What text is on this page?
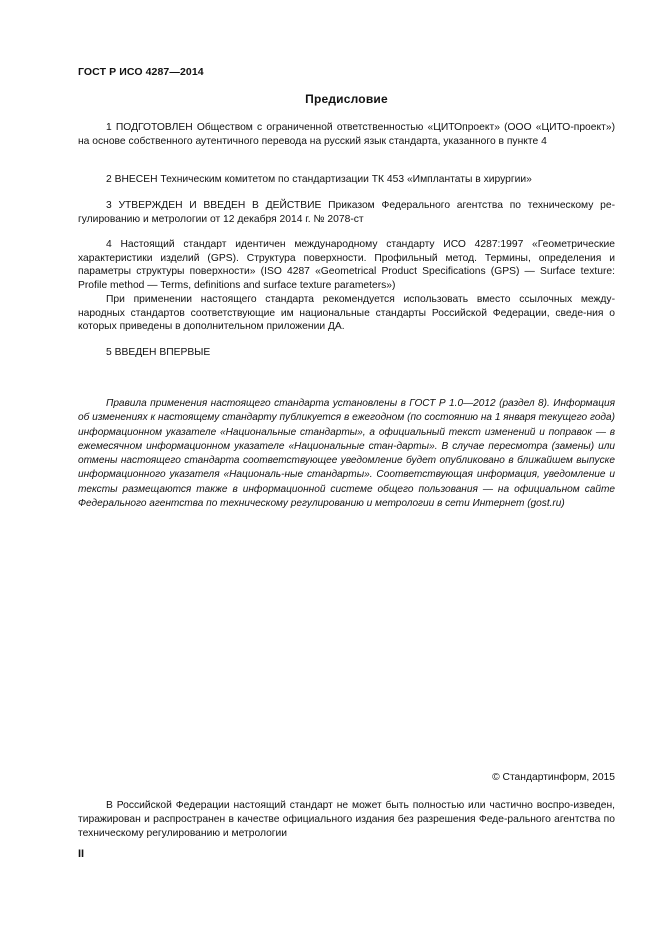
ГОСТ Р ИСО 4287—2014
Предисловие

1 ПОДГОТОВЛЕН Обществом с ограниченной ответственностью «ЦИТОпроект» (ООО «ЦИТО-проект») на основе собственного аутентичного перевода на русский язык стандарта, указанного в пункте 4

2 ВНЕСЕН Техническим комитетом по стандартизации ТК 453 «Имплантаты в хирургии»

3 УТВЕРЖДЕН И ВВЕДЕН В ДЕЙСТВИЕ Приказом Федерального агентства по техническому ре-гулированию и метрологии от 12 декабря 2014 г. № 2078-ст

4 Настоящий стандарт идентичен международному стандарту ИСО 4287:1997 «Геометрические характеристики изделий (GPS). Структура поверхности. Профильный метод. Термины, определения и параметры структуры поверхности» (ISO 4287 «Geometrical Product Specifications (GPS) — Surface texture: Profile method — Terms, definitions and surface texture parameters»)

При применении настоящего стандарта рекомендуется использовать вместо ссылочных между-народных стандартов соответствующие им национальные стандарты Российской Федерации, сведе-ния о которых приведены в дополнительном приложении ДА.

5 ВВЕДЕН ВПЕРВЫЕ

Правила применения настоящего стандарта установлены в ГОСТ Р 1.0—2012 (раздел 8). Информация об изменениях к настоящему стандарту публикуется в ежегодном (по состоянию на 1 января текущего года) информационном указателе «Национальные стандарты», а официальный текст изменений и поправок — в ежемесячном информационном указателе «Национальные стан-дарты». В случае пересмотра (замены) или отмены настоящего стандарта соответствующее уведомление будет опубликовано в ближайшем выпуске информационного указателя «Националь-ные стандарты». Соответствующая информация, уведомление и тексты размещаются также в информационной системе общего пользования — на официальном сайте Федерального агентства по техническому регулированию и метрологии в сети Интернет (gost.ru)

© Стандартинформ, 2015

В Российской Федерации настоящий стандарт не может быть полностью или частично воспро-изведен, тиражирован и распространен в качестве официального издания без разрешения Феде-рального агентства по техническому регулированию и метрологии

II
